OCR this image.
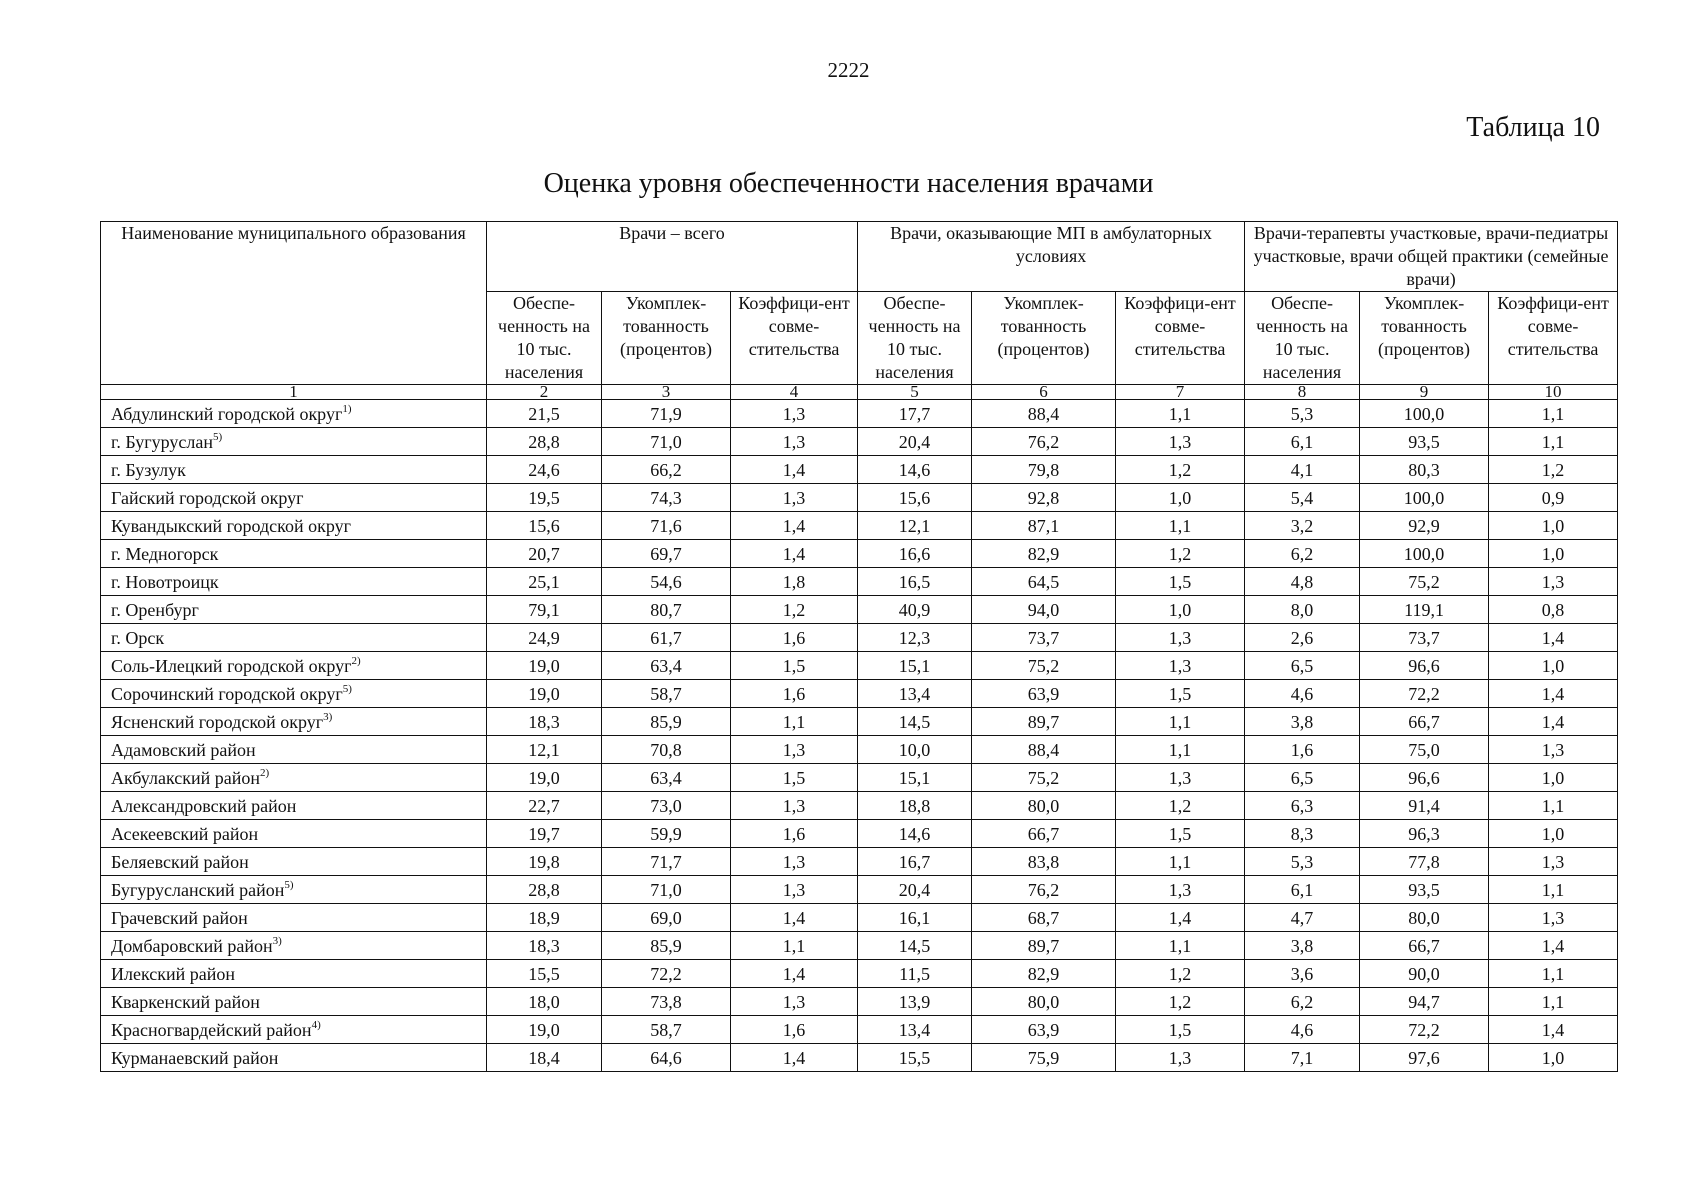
2222
Таблица 10
Оценка уровня обеспеченности населения врачами
Наименование муниципального образования	Врачи – всего			Врачи, оказывающие МП в амбулаторных условиях			Врачи-терапевты участковые, врачи-педиатры участковые, врачи общей практики (семейные врачи)		
	Обеспе-ченность на 10 тыс. населения	Укомплек-тованность (процентов)	Коэффици-ент совме-стительства	Обеспе-ченность на 10 тыс. населения	Укомплек-тованность (процентов)	Коэффици-ент совме-стительства	Обеспе-ченность на 10 тыс. населения	Укомплек-тованность (процентов)	Коэффици-ент совме-стительства
1	2	3	4	5	6	7	8	9	10
Абдулинский городской округ$^{1)}$	21,5	71,9	1,3	17,7	88,4	1,1	5,3	100,0	1,1
г. Бугуруслан$^{5)}$	28,8	71,0	1,3	20,4	76,2	1,3	6,1	93,5	1,1
г. Бузулук	24,6	66,2	1,4	14,6	79,8	1,2	4,1	80,3	1,2
Гайский городской округ	19,5	74,3	1,3	15,6	92,8	1,0	5,4	100,0	0,9
Кувандыкский городской округ	15,6	71,6	1,4	12,1	87,1	1,1	3,2	92,9	1,0
г. Медногорск	20,7	69,7	1,4	16,6	82,9	1,2	6,2	100,0	1,0
г. Новотроицк	25,1	54,6	1,8	16,5	64,5	1,5	4,8	75,2	1,3
г. Оренбург	79,1	80,7	1,2	40,9	94,0	1,0	8,0	119,1	0,8
г. Орск	24,9	61,7	1,6	12,3	73,7	1,3	2,6	73,7	1,4
Соль-Илецкий городской округ$^{2)}$	19,0	63,4	1,5	15,1	75,2	1,3	6,5	96,6	1,0
Сорочинский городской округ$^{5)}$	19,0	58,7	1,6	13,4	63,9	1,5	4,6	72,2	1,4
Ясненский городской округ$^{3)}$	18,3	85,9	1,1	14,5	89,7	1,1	3,8	66,7	1,4
Адамовский район	12,1	70,8	1,3	10,0	88,4	1,1	1,6	75,0	1,3
Акбулакский район$^{2)}$	19,0	63,4	1,5	15,1	75,2	1,3	6,5	96,6	1,0
Александровский район	22,7	73,0	1,3	18,8	80,0	1,2	6,3	91,4	1,1
Асекеевский район	19,7	59,9	1,6	14,6	66,7	1,5	8,3	96,3	1,0
Беляевский район	19,8	71,7	1,3	16,7	83,8	1,1	5,3	77,8	1,3
Бугурусланский район$^{5)}$	28,8	71,0	1,3	20,4	76,2	1,3	6,1	93,5	1,1
Грачевский район	18,9	69,0	1,4	16,1	68,7	1,4	4,7	80,0	1,3
Домбаровский район$^{3)}$	18,3	85,9	1,1	14,5	89,7	1,1	3,8	66,7	1,4
Илекский район	15,5	72,2	1,4	11,5	82,9	1,2	3,6	90,0	1,1
Кваркенский район	18,0	73,8	1,3	13,9	80,0	1,2	6,2	94,7	1,1
Красногвардейский район$^{4)}$	19,0	58,7	1,6	13,4	63,9	1,5	4,6	72,2	1,4
Курманаевский район	18,4	64,6	1,4	15,5	75,9	1,3	7,1	97,6	1,0
